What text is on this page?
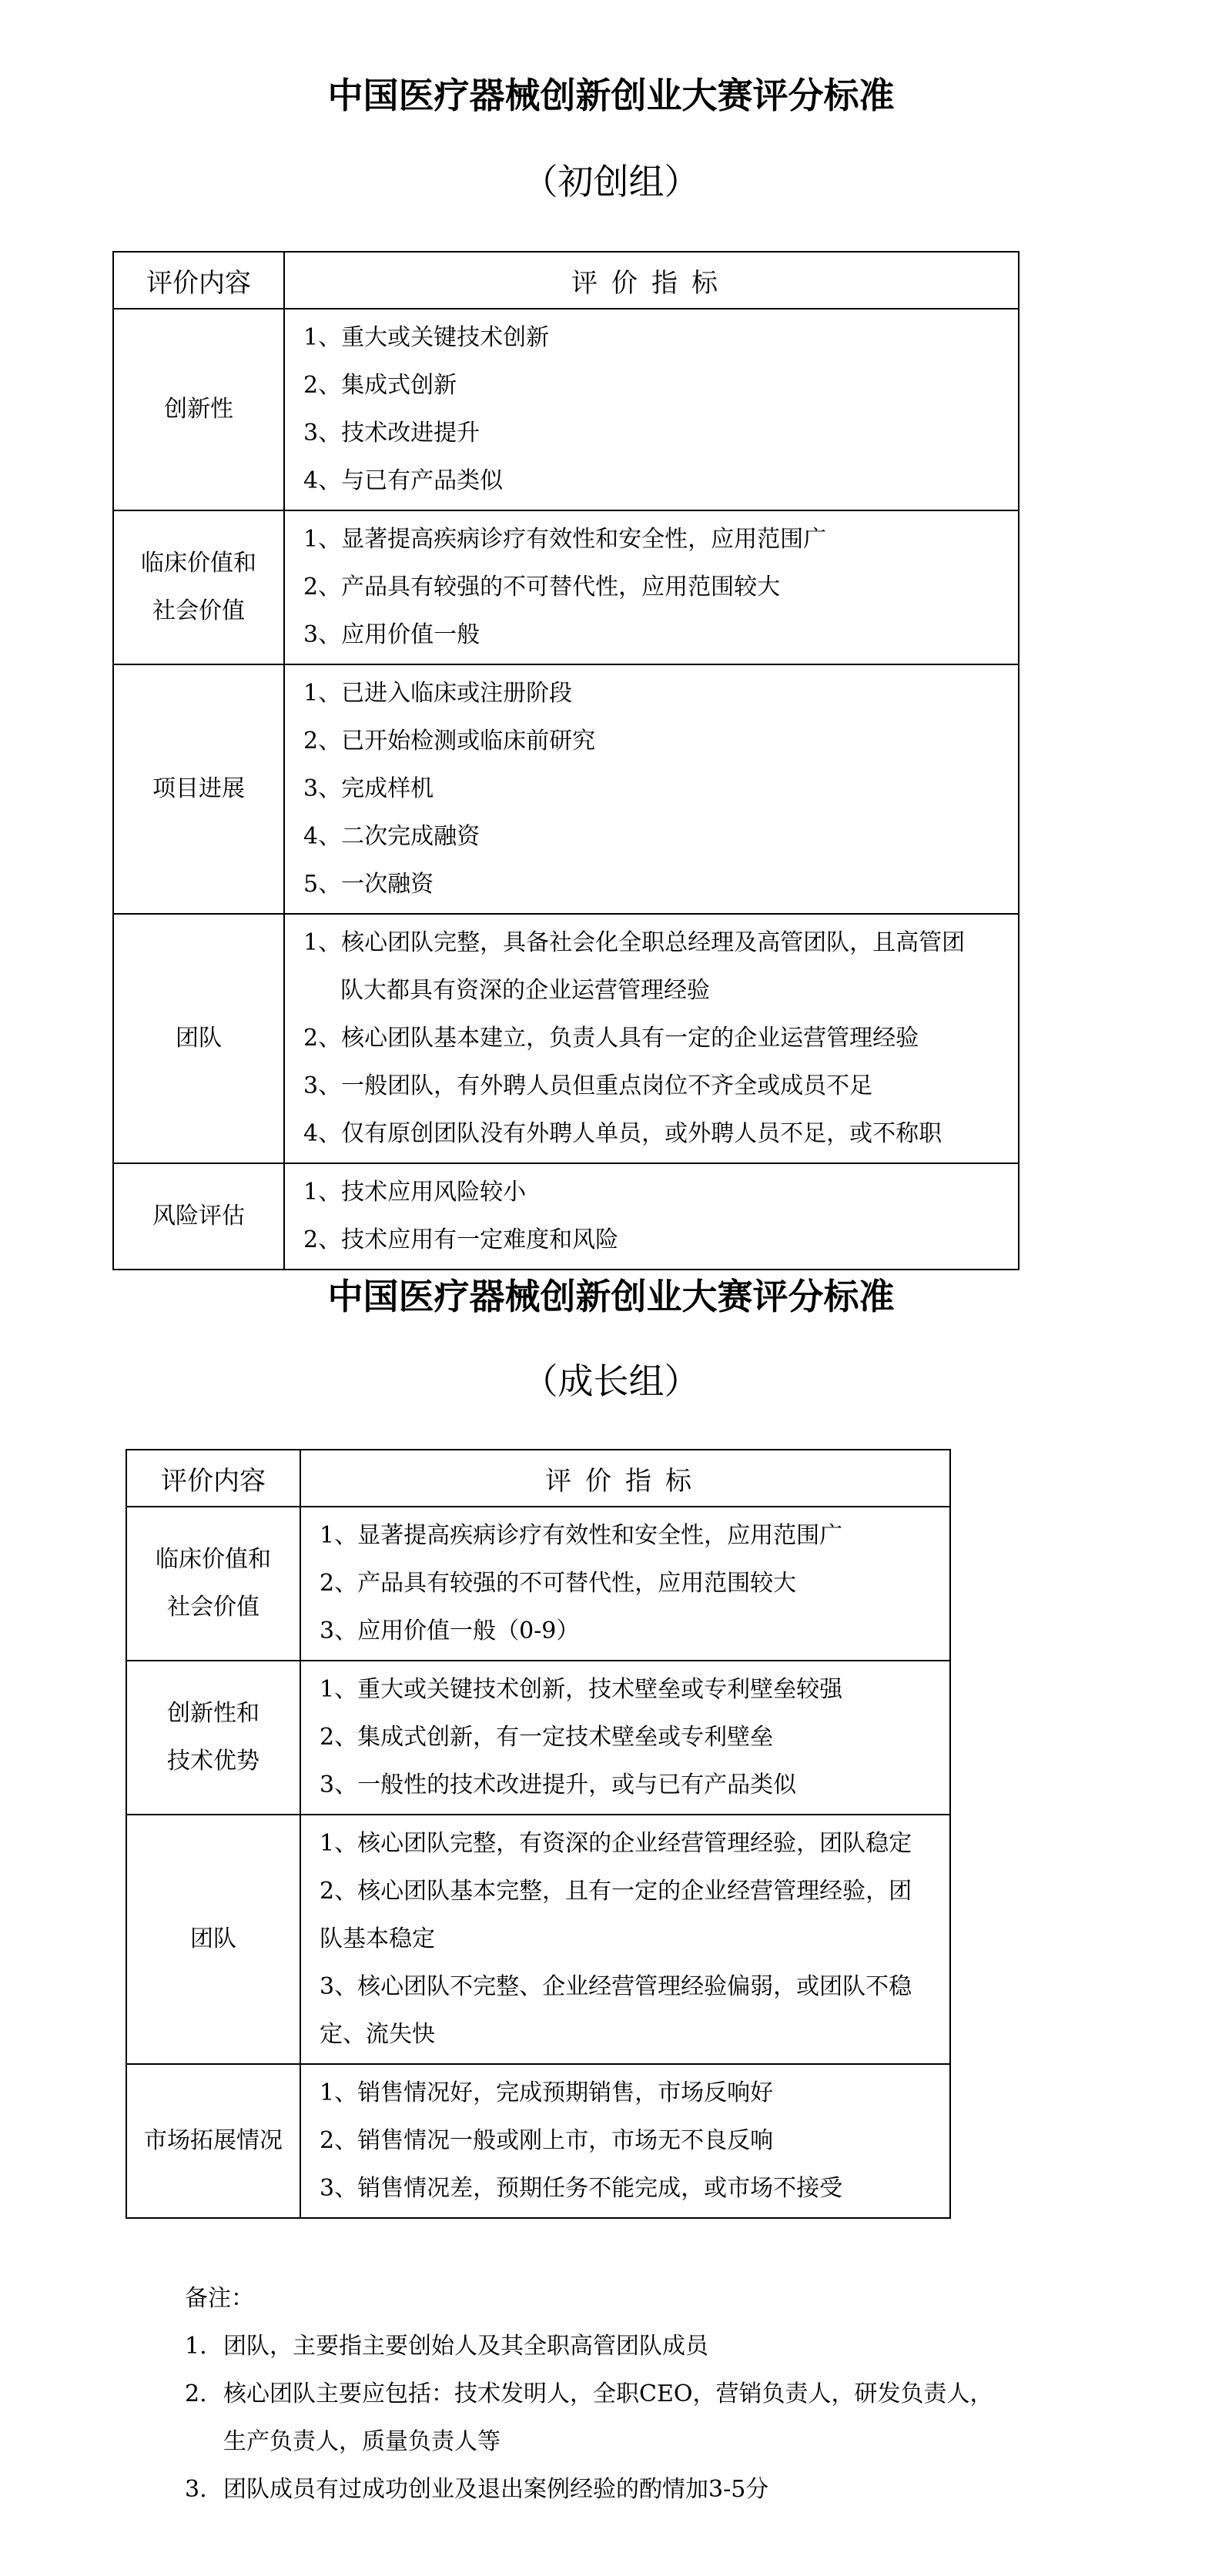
中国医疗器械创新创业大赛评分标准
（初创组）
评价内容	评价指标

创新性	1、重大或关键技术创新
2、集成式创新
3、技术改进提升
4、与已有产品类似

临床价值和
社会价值	1、显著提高疾病诊疗有效性和安全性，应用范围广
2、产品具有较强的不可替代性，应用范围较大
3、应用价值一般

项目进展	1、已进入临床或注册阶段
2、已开始检测或临床前研究
3、完成样机
4、二次完成融资
5、一次融资

团队	1、核心团队完整，具备社会化全职总经理及高管团队，且高管团
队大都具有资深的企业运营管理经验
2、核心团队基本建立，负责人具有一定的企业运营管理经验
3、一般团队，有外聘人员但重点岗位不齐全或成员不足
4、仅有原创团队没有外聘人单员，或外聘人员不足，或不称职

风险评估	1、技术应用风险较小
2、技术应用有一定难度和风险
中国医疗器械创新创业大赛评分标准
（成长组）
评价内容	评价指标

临床价值和
社会价值	1、显著提高疾病诊疗有效性和安全性，应用范围广
2、产品具有较强的不可替代性，应用范围较大
3、应用价值一般（0-9）

创新性和
技术优势	1、重大或关键技术创新，技术壁垒或专利壁垒较强
2、集成式创新，有一定技术壁垒或专利壁垒
3、一般性的技术改进提升，或与已有产品类似

团队	1、核心团队完整，有资深的企业经营管理经验，团队稳定
2、核心团队基本完整，且有一定的企业经营管理经验，团
队基本稳定
3、核心团队不完整、企业经营管理经验偏弱，或团队不稳
定、流失快

市场拓展情况	1、销售情况好，完成预期销售，市场反响好
2、销售情况一般或刚上市，市场无不良反响
3、销售情况差，预期任务不能完成，或市场不接受
备注：
1. 团队，主要指主要创始人及其全职高管团队成员
2. 核心团队主要应包括：技术发明人，全职CEO，营销负责人，研发负责人，
生产负责人，质量负责人等
3. 团队成员有过成功创业及退出案例经验的酌情加3-5分
